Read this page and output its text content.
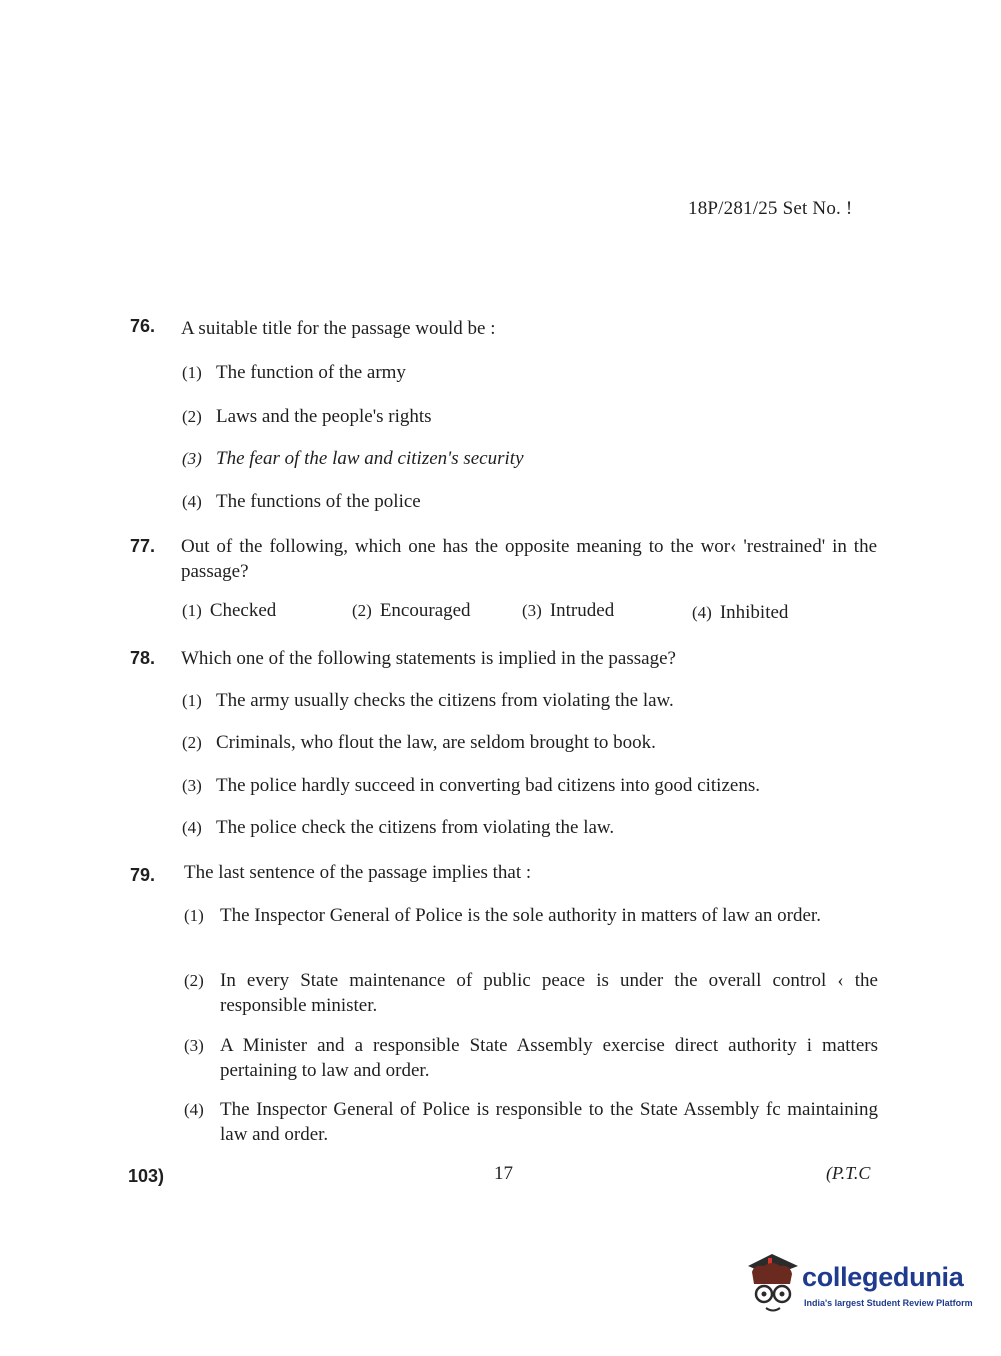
18P/281/25 Set No. !
76. A suitable title for the passage would be :
(1) The function of the army
(2) Laws and the people's rights
(3) The fear of the law and citizen's security
(4) The functions of the police
77. Out of the following, which one has the opposite meaning to the wor‹ 'restrained' in the passage?
(1) Checked	(2) Encouraged	(3) Intruded	(4) Inhibited
78. Which one of the following statements is implied in the passage?
(1) The army usually checks the citizens from violating the law.
(2) Criminals, who flout the law, are seldom brought to book.
(3) The police hardly succeed in converting bad citizens into good citizens.
(4) The police check the citizens from violating the law.
79. The last sentence of the passage implies that :
(1) The Inspector General of Police is the sole authority in matters of law an order.
(2) In every State maintenance of public peace is under the overall control ‹ the responsible minister.
(3) A Minister and a responsible State Assembly exercise direct authority i matters pertaining to law and order.
(4) The Inspector General of Police is responsible to the State Assembly fc maintaining law and order.
103)	17	(P.T.C
collegedunia
India's largest Student Review Platform
